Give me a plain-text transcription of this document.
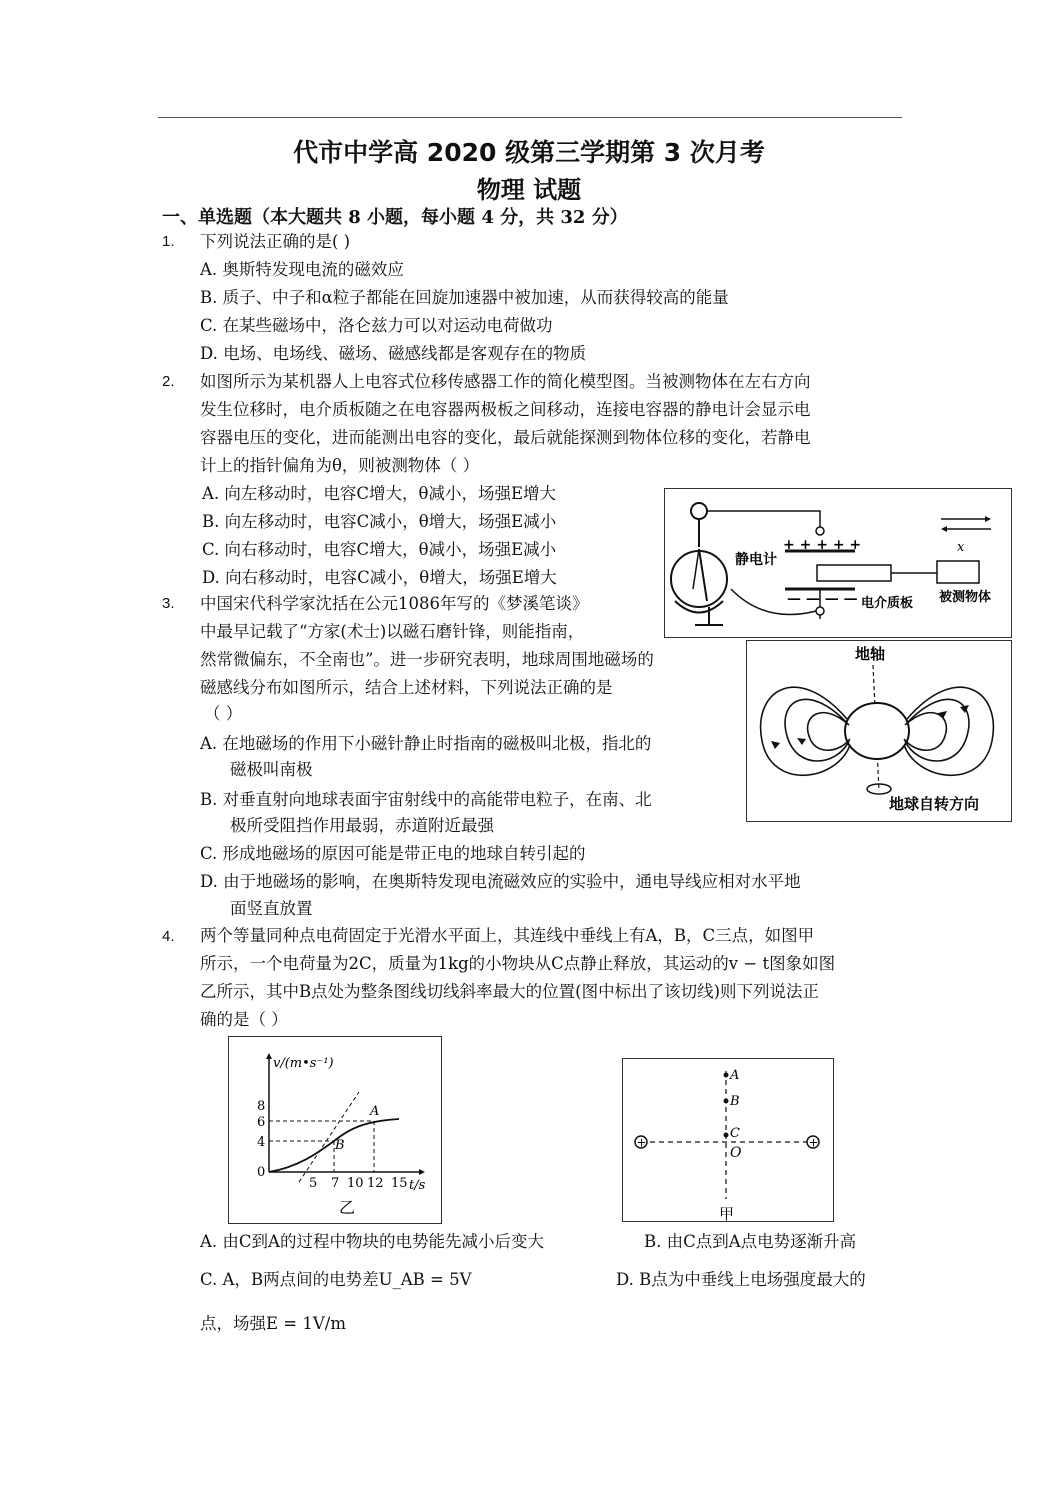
代市中学高 2020 级第三学期第 3 次月考
物理 试题
一、单选题（本大题共 8 小题，每小题 4 分，共 32 分）
1. 下列说法正确的是( )
A. 奥斯特发现电流的磁效应
B. 质子、中子和α粒子都能在回旋加速器中被加速，从而获得较高的能量
C. 在某些磁场中，洛仑兹力可以对运动电荷做功
D. 电场、电场线、磁场、磁感线都是客观存在的物质
2. 如图所示为某机器人上电容式位移传感器工作的简化模型图。当被测物体在左右方向
发生位移时，电介质板随之在电容器两极板之间移动，连接电容器的静电计会显示电
容器电压的变化，进而能测出电容的变化，最后就能探测到物体位移的变化，若静电
计上的指针偏角为θ，则被测物体（ ）
A. 向左移动时，电容C增大，θ减小，场强E增大
B. 向左移动时，电容C减小，θ增大，场强E减小
C. 向右移动时，电容C增大，θ减小，场强E减小
D. 向右移动时，电容C减小，θ增大，场强E增大
静电计
+ + + + +
— — — — 电介质板 被测物体
x
3. 中国宋代科学家沈括在公元1086年写的《梦溪笔谈》
中最早记载了“方家(术士)以磁石磨针锋，则能指南，
然常微偏东，不全南也”。进一步研究表明，地球周围地磁场的
磁感线分布如图所示，结合上述材料，下列说法正确的是
（ ）
A. 在地磁场的作用下小磁针静止时指南的磁极叫北极，指北的
磁极叫南极
B. 对垂直射向地球表面宇宙射线中的高能带电粒子，在南、北
极所受阻挡作用最弱，赤道附近最强
C. 形成地磁场的原因可能是带正电的地球自转引起的
D. 由于地磁场的影响，在奥斯特发现电流磁效应的实验中，通电导线应相对水平地
面竖直放置
地轴
地球自转方向
4. 两个等量同种点电荷固定于光滑水平面上，其连线中垂线上有A，B，C三点，如图甲
所示，一个电荷量为2C，质量为1kg的小物块从C点静止释放，其运动的v − t图象如图
乙所示，其中B点处为整条图线切线斜率最大的位置(图中标出了该切线)则下列说法正
确的是（ ）
v/(m•s⁻¹)
t/s
8
6
4
0
5 7 10 12 15
A
B
乙
+	+
A
B
C
O
甲
A. 由C到A的过程中物块的电势能先减小后变大	B. 由C点到A点电势逐渐升高
C. A，B两点间的电势差U_AB = 5V	D. B点为中垂线上电场强度最大的
点，场强E = 1V/m
